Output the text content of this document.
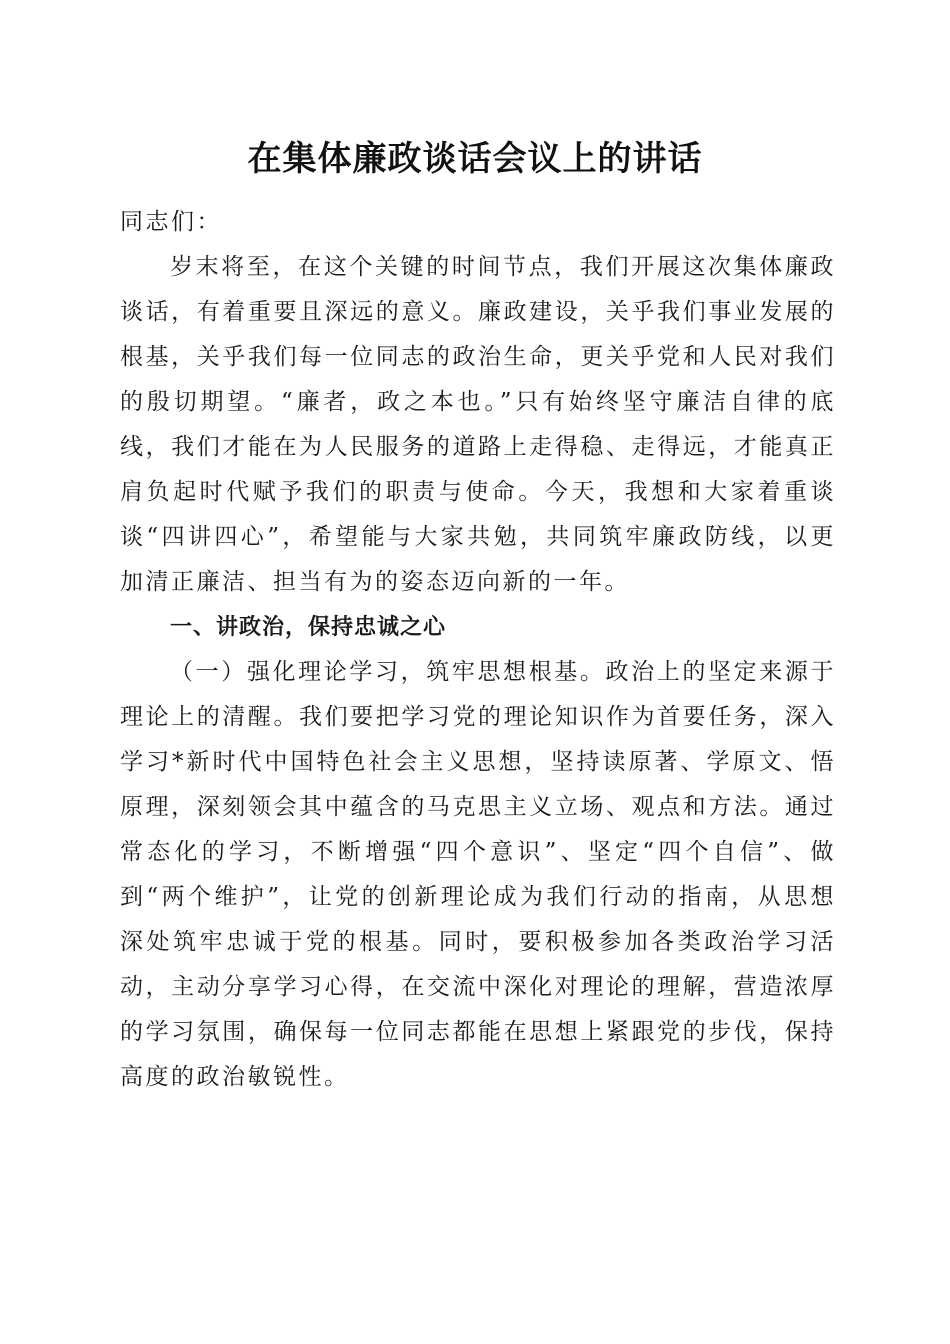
在集体廉政谈话会议上的讲话

同志们：

岁末将至，在这个关键的时间节点，我们开展这次集体廉政谈话，有着重要且深远的意义。廉政建设，关乎我们事业发展的根基，关乎我们每一位同志的政治生命，更关乎党和人民对我们的殷切期望。“廉者，政之本也。”只有始终坚守廉洁自律的底线，我们才能在为人民服务的道路上走得稳、走得远，才能真正肩负起时代赋予我们的职责与使命。今天，我想和大家着重谈谈“四讲四心”，希望能与大家共勉，共同筑牢廉政防线，以更加清正廉洁、担当有为的姿态迈向新的一年。

一、讲政治，保持忠诚之心

（一）强化理论学习，筑牢思想根基。政治上的坚定来源于理论上的清醒。我们要把学习党的理论知识作为首要任务，深入学习*新时代中国特色社会主义思想，坚持读原著、学原文、悟原理，深刻领会其中蕴含的马克思主义立场、观点和方法。通过常态化的学习，不断增强“四个意识”、坚定“四个自信”、做到“两个维护”，让党的创新理论成为我们行动的指南，从思想深处筑牢忠诚于党的根基。同时，要积极参加各类政治学习活动，主动分享学习心得，在交流中深化对理论的理解，营造浓厚的学习氛围，确保每一位同志都能在思想上紧跟党的步伐，保持高度的政治敏锐性。
